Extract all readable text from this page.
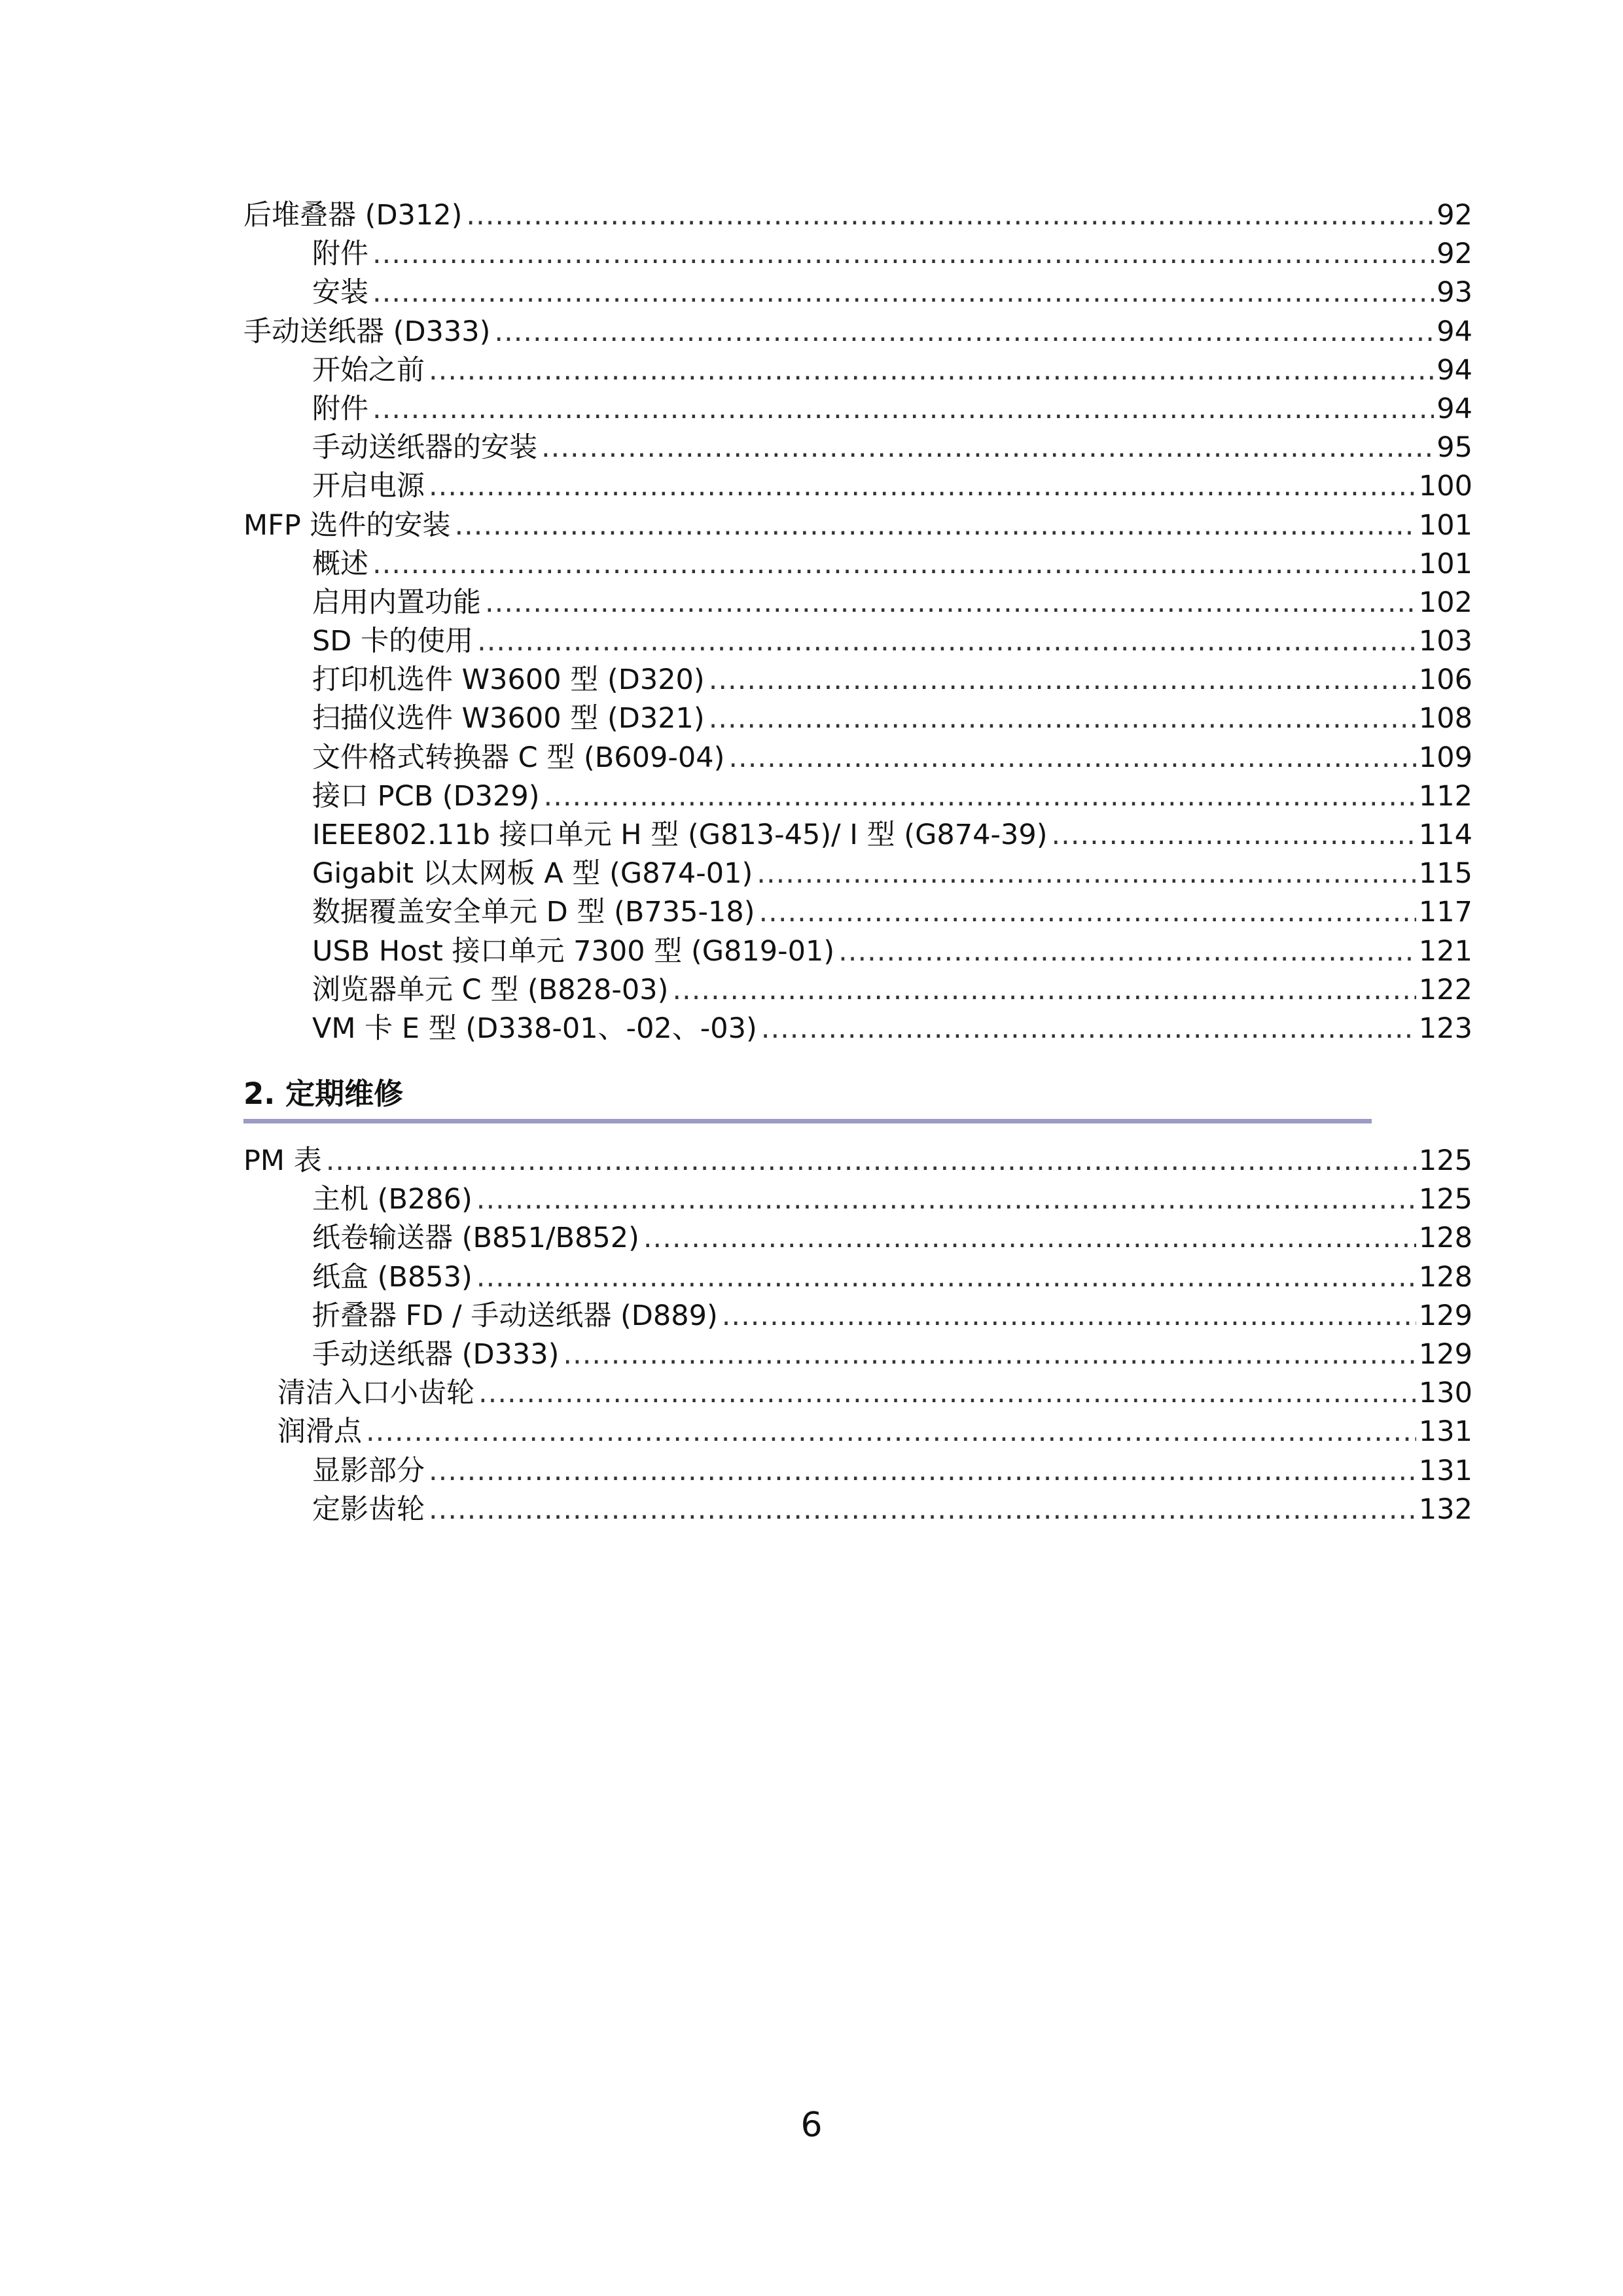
后堆叠器 (D312) .....	92
附件 .....	92
安装 .....	93
手动送纸器 (D333) .....	94
开始之前 .....	94
附件 .....	94
手动送纸器的安装 .....	95
开启电源 .....	100
MFP 选件的安装 .....	101
概述 .....	101
启用内置功能 .....	102
SD 卡的使用 .....	103
打印机选件 W3600 型 (D320) .....	106
扫描仪选件 W3600 型 (D321) .....	108
文件格式转换器 C 型 (B609-04) .....	109
接口 PCB (D329) .....	112
IEEE802.11b 接口单元 H 型 (G813-45)/ I 型 (G874-39) .....	114
Gigabit 以太网板 A 型 (G874-01) .....	115
数据覆盖安全单元 D 型 (B735-18) .....	117
USB Host 接口单元 7300 型 (G819-01) .....	121
浏览器单元 C 型 (B828-03) .....	122
VM 卡 E 型 (D338-01、-02、-03) .....	123
2. 定期维修
PM 表 .....	125
主机 (B286) .....	125
纸卷输送器 (B851/B852) .....	128
纸盒 (B853) .....	128
折叠器 FD / 手动送纸器 (D889) .....	129
手动送纸器 (D333) .....	129
清洁入口小齿轮 .....	130
润滑点 .....	131
显影部分 .....	131
定影齿轮 .....	132
6
